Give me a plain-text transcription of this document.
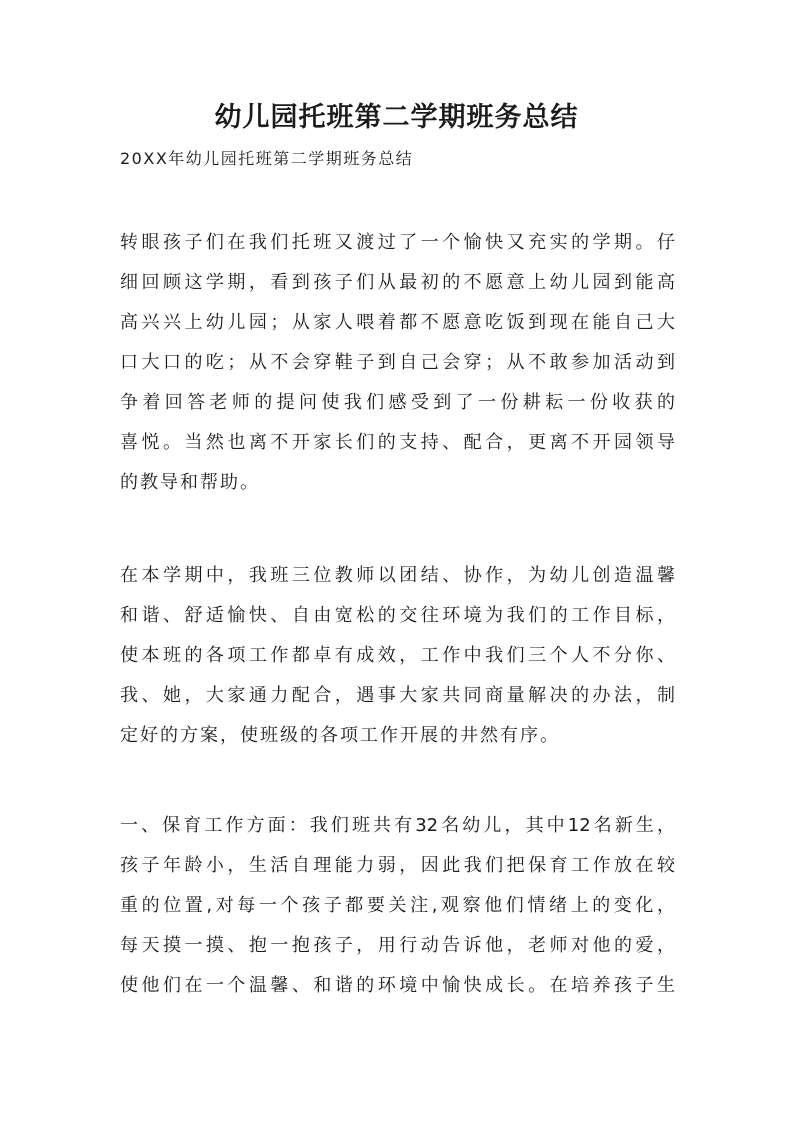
幼儿园托班第二学期班务总结

20XX年幼儿园托班第二学期班务总结

转眼孩子们在我们托班又渡过了一个愉快又充实的学期。仔
细回顾这学期，看到孩子们从最初的不愿意上幼儿园到能高
高兴兴上幼儿园；从家人喂着都不愿意吃饭到现在能自己大
口大口的吃；从不会穿鞋子到自己会穿；从不敢参加活动到
争着回答老师的提问使我们感受到了一份耕耘一份收获的
喜悦。当然也离不开家长们的支持、配合，更离不开园领导
的教导和帮助。
在本学期中，我班三位教师以团结、协作，为幼儿创造温馨
和谐、舒适愉快、自由宽松的交往环境为我们的工作目标，
使本班的各项工作都卓有成效，工作中我们三个人不分你、
我、她，大家通力配合，遇事大家共同商量解决的办法，制
定好的方案，使班级的各项工作开展的井然有序。
一、保育工作方面：我们班共有32名幼儿，其中12名新生，
孩子年龄小，生活自理能力弱，因此我们把保育工作放在较
重的位置,对每一个孩子都要关注,观察他们情绪上的变化，
每天摸一摸、抱一抱孩子，用行动告诉他，老师对他的爱，
使他们在一个温馨、和谐的环境中愉快成长。在培养孩子生
